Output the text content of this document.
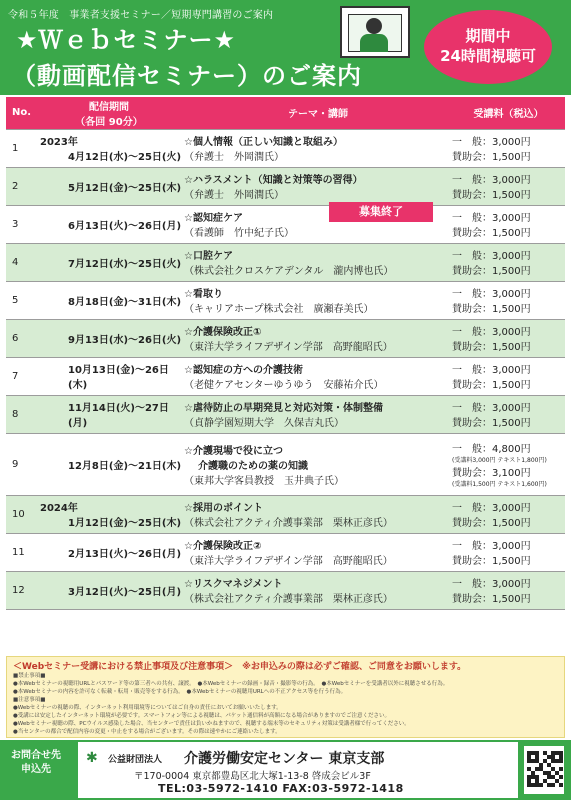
令和５年度　事業者支援セミナー／短期専門講習のご案内
★Ｗｅｂセミナー★
（動画配信セミナー）のご案内
期間中
24時間視聴可
No.	配信期間
（各回 90分）	テーマ・講師	受講料（税込）
1	2023年
4月12日(水)～25日(火)	☆個人情報（正しい知識と取組み）
（弁護士　外岡潤氏）	一　般：3,000円
賛助会：1,500円

2	5月12日(金)～25日(木)	☆ハラスメント（知識と対策等の習得）
（弁護士　外岡潤氏）	一　般：3,000円
賛助会：1,500円

3	6月13日(火)～26日(月)	☆認知症ケア
（看護師　竹中紀子氏）	一　般：3,000円
賛助会：1,500円

4	7月12日(水)～25日(火)	☆口腔ケア
（株式会社クロスケアデンタル　瀧内博也氏）	一　般：3,000円
賛助会：1,500円

5	8月18日(金)～31日(木)	☆看取り
（キャリアホープ株式会社　廣瀬春美氏）	一　般：3,000円
賛助会：1,500円

6	9月13日(水)～26日(火)	☆介護保険改正①
（東洋大学ライフデザイン学部　高野龍昭氏）	一　般：3,000円
賛助会：1,500円

7	10月13日(金)～26日(木)	☆認知症の方への介護技術
（老健ケアセンターゆうゆう　安藤祐介氏）	一　般：3,000円
賛助会：1,500円

8	11月14日(火)～27日(月)	☆虐待防止の早期発見と対応対策・体制整備
（貞静学園短期大学　久保吉丸氏）	一　般：3,000円
賛助会：1,500円

9	12月8日(金)～21日(木)	☆介護現場で役に立つ
介護職のための薬の知識
（東邦大学客員教授　玉井典子氏）	一　般：4,800円
(受講料3,000円 テキスト1,800円)
賛助会：3,100円
(受講料1,500円 テキスト1,600円)

10	2024年
1月12日(金)～25日(木)	☆採用のポイント
（株式会社アクティ介護事業部　栗林正彦氏）	一　般：3,000円
賛助会：1,500円

11	2月13日(火)～26日(月)	☆介護保険改正②
（東洋大学ライフデザイン学部　高野龍昭氏）	一　般：3,000円
賛助会：1,500円

12	3月12日(火)～25日(月)	☆リスクマネジメント
（株式会社アクティ介護事業部　栗林正彦氏）	一　般：3,000円
賛助会：1,500円
募集終了
＜Webセミナー受講における禁止事項及び注意事項＞　※お申込みの際は必ずご確認、ご同意をお願いします。
■禁止事項■
●本Webセミナーの視聴用URLとパスワード等の第三者への共有、譲渡。　●本Webセミナーの録画・録音・撮影等の行為。　●本Webセミナーを受講者以外に視聴させる行為。
●本Webセミナーの内容を許可なく転載・転用・販売等をする行為。　●本Webセミナーの視聴用URLへの不正アクセス等を行う行為。
■注意事項■
●Webセミナーの視聴の際、インターネット利用環境等についてはご自身の責任においてお願いいたします。
●受講には安定したインターネット環境が必要です。スマートフォン等による視聴は、パケット通信料が高額になる場合がありますのでご注意ください。
●Webセミナー視聴の際、PCウイルス感染した場合、当センターで責任は負いかねますので、視聴する端末等のセキュリティ対策は受講者様で行ってください。
●当センターの都合で配信内容の変更・中止をする場合がございます。その際は速やかにご連絡いたします。
お問合せ先
申込先
✱ 公益財団法人 介護労働安定センター 東京支部
〒170-0004 東京都豊島区北大塚1-13-8 啓成会ビル3F
TEL:03-5972-1410 FAX:03-5972-1418
